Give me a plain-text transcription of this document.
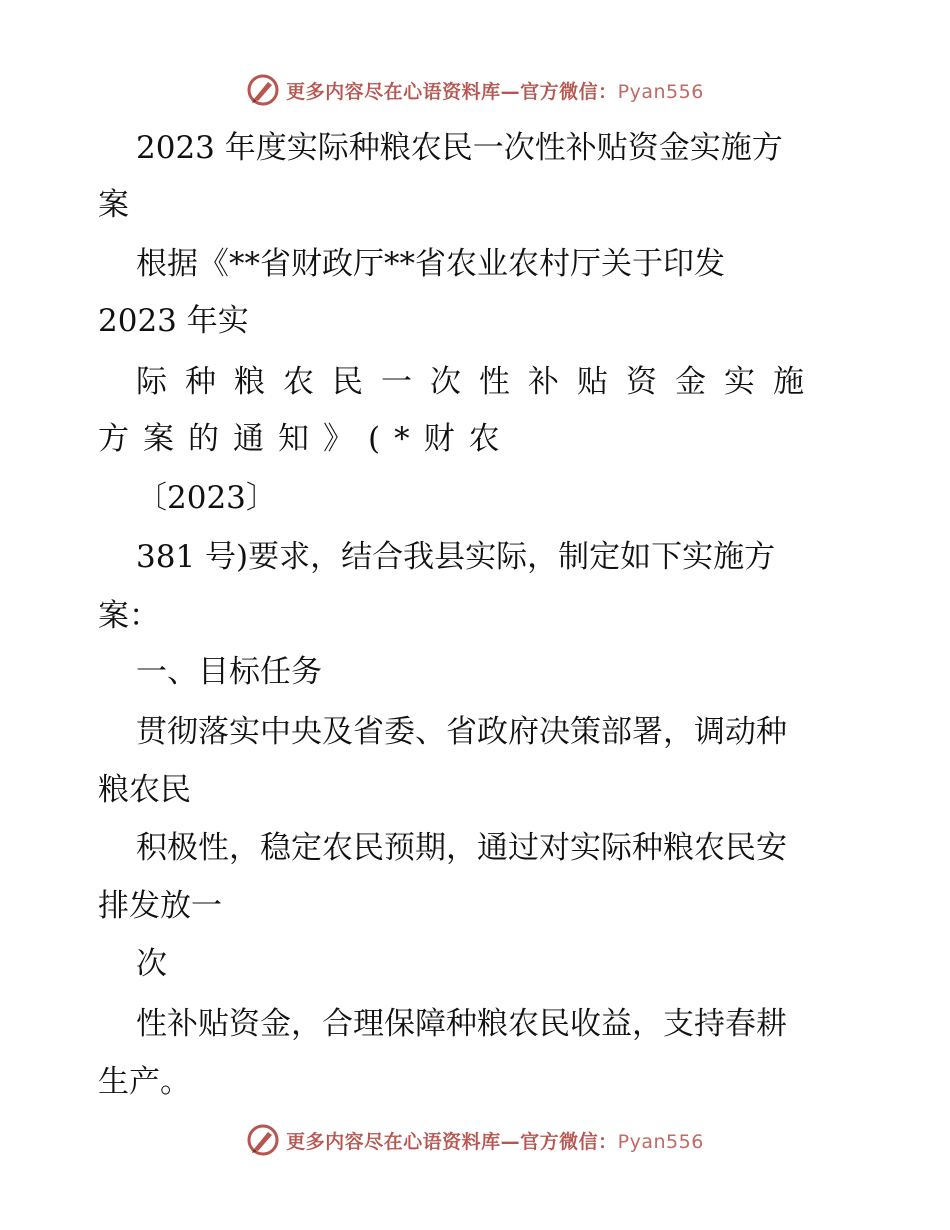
更多内容尽在心语资料库—官方微信：Pyan556
2023 年度实际种粮农民一次性补贴资金实施方
案
根据《**省财政厅**省农业农村厅关于印发
2023 年实
际种粮农民一次性补贴资金实施
方案的通知》(*财农
〔2023〕
381 号)要求，结合我县实际，制定如下实施方
案：
一、目标任务
贯彻落实中央及省委、省政府决策部署，调动种
粮农民
积极性，稳定农民预期，通过对实际种粮农民安
排发放一
次
性补贴资金，合理保障种粮农民收益，支持春耕
生产。
更多内容尽在心语资料库—官方微信：Pyan556
